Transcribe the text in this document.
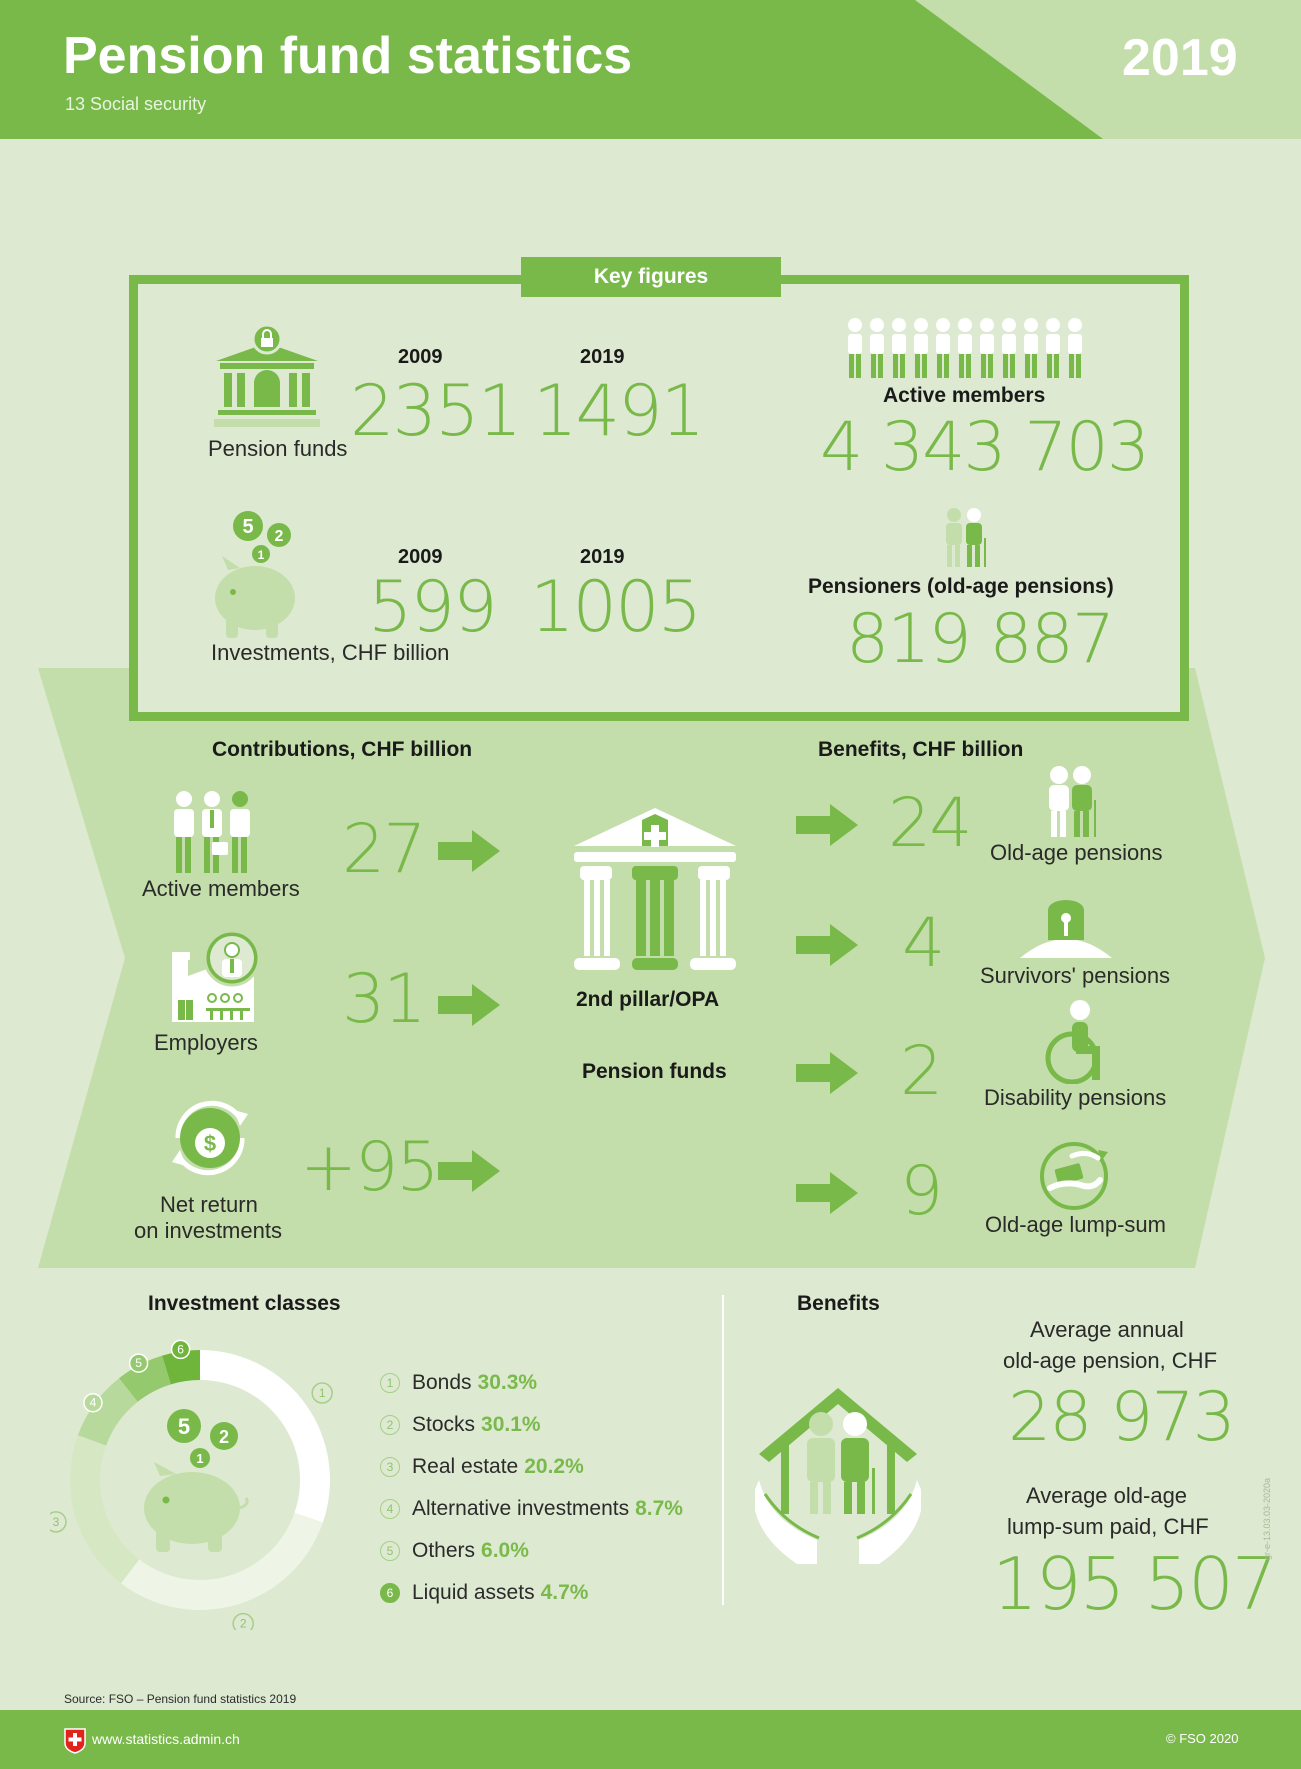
Pension fund statistics
13 Social security
2019
Key figures
Pension funds
2009
2351
2019
1491
5 2
1
Investments, CHF billion
2009
599
2019
1005
Active members
4 343 703
Pensioners (old-age pensions)
819 887
Contributions, CHF billion	Benefits, CHF billion
Active members 27
Employers
31
$
Net return
on investments
+95
2nd pillar/OPA
Pension funds
24 Old-age pensions
4 Survivors' pensions
2 Disability pensions
9 Old-age lump-sum
Investment classes
1
2
3
4
5
6
5 2
1
1 Bonds 30.3%
2 Stocks 30.1%
3 Real estate 20.2%
4 Alternative investments 8.7%
5 Others 6.0%
6 Liquid assets 4.7%
Benefits
Average annual
old-age pension, CHF
28 973
Average old-age
lump-sum paid, CHF
195 507
gr-e-13.03.03-2020a
Source: FSO – Pension fund statistics 2019
www.statistics.admin.ch	© FSO 2020
